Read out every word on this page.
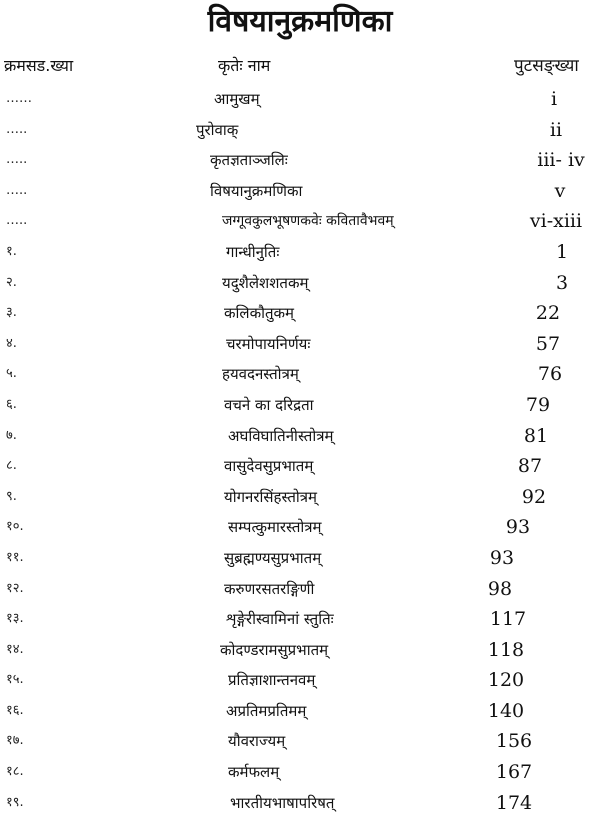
विषयानुक्रमणिका
क्रमसड.ख्या	कृतेः नाम	पुटसङ्ख्या
……	आमुखम्	i
…..	पुरोवाक्	ii
…..	कृतज्ञताञ्जलिः	iii- iv
…..	विषयानुक्रमणिका	v
…..	जग्गूवकुलभूषणकवेः कवितावैभवम्	vi-xiii
१.	गान्धीनुतिः	1
२.	यदुशैलेशशतकम्	3
३.	कलिकौतुकम्	22
४.	चरमोपायनिर्णयः	57
५.	हयवदनस्तोत्रम्	76
६.	वचने का दरिद्रता	79
७.	अघविघातिनीस्तोत्रम्	81
८.	वासुदेवसुप्रभातम्	87
९.	योगनरसिंहस्तोत्रम्	92
१०.	सम्पत्कुमारस्तोत्रम्	93
११.	सुब्रह्मण्यसुप्रभातम्	93
१२.	करुणरसतरङ्गिणी	98
१३.	शृङ्गेरीस्वामिनां स्तुतिः	117
१४.	कोदण्डरामसुप्रभातम्	118
१५.	प्रतिज्ञाशान्तनवम्	120
१६.	अप्रतिमप्रतिमम्	140
१७.	यौवराज्यम्	156
१८.	कर्मफलम्	167
१९.	भारतीयभाषापरिषत्	174
